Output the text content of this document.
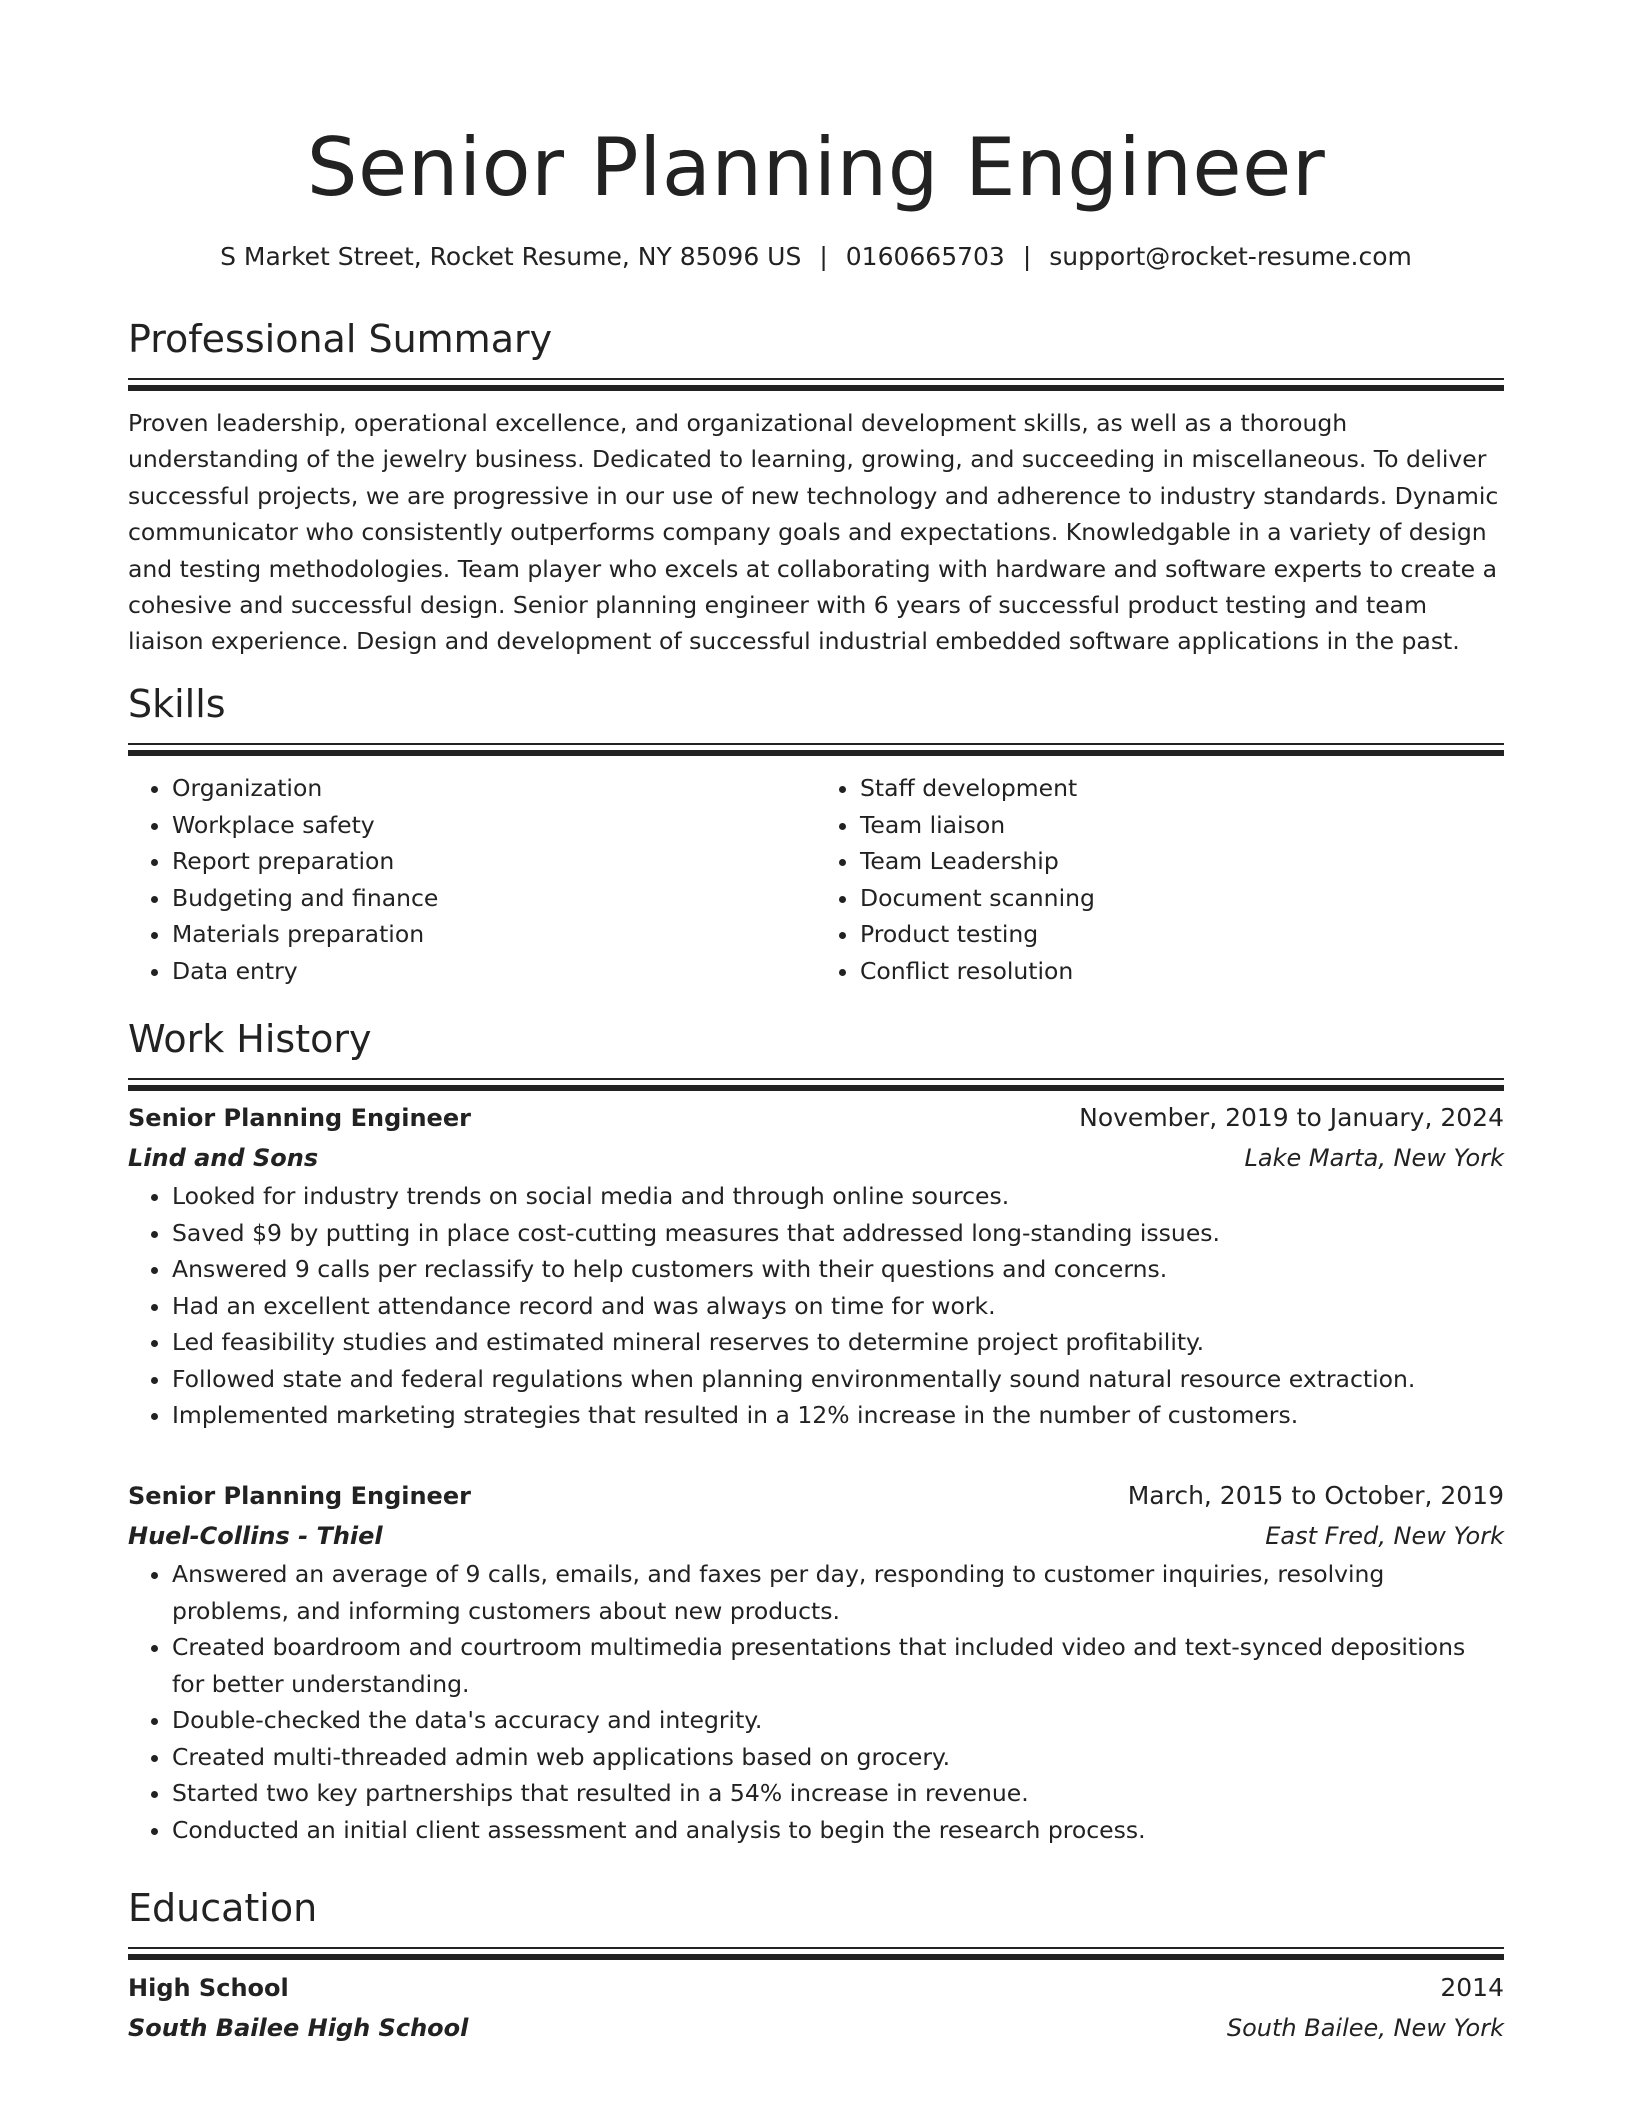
Senior Planning Engineer
S Market Street, Rocket Resume, NY 85096 US | 0160665703 | support@rocket-resume.com
Professional Summary
Proven leadership, operational excellence, and organizational development skills, as well as a thorough understanding of the jewelry business. Dedicated to learning, growing, and succeeding in miscellaneous. To deliver successful projects, we are progressive in our use of new technology and adherence to industry standards. Dynamic communicator who consistently outperforms company goals and expectations. Knowledgable in a variety of design and testing methodologies. Team player who excels at collaborating with hardware and software experts to create a cohesive and successful design. Senior planning engineer with 6 years of successful product testing and team liaison experience. Design and development of successful industrial embedded software applications in the past.
Skills
• Organization
• Workplace safety
• Report preparation
• Budgeting and finance
• Materials preparation
• Data entry
• Staff development
• Team liaison
• Team Leadership
• Document scanning
• Product testing
• Conflict resolution
Work History
Senior Planning Engineer	November, 2019 to January, 2024
Lind and Sons	Lake Marta, New York
• Looked for industry trends on social media and through online sources.
• Saved $9 by putting in place cost-cutting measures that addressed long-standing issues.
• Answered 9 calls per reclassify to help customers with their questions and concerns.
• Had an excellent attendance record and was always on time for work.
• Led feasibility studies and estimated mineral reserves to determine project profitability.
• Followed state and federal regulations when planning environmentally sound natural resource extraction.
• Implemented marketing strategies that resulted in a 12% increase in the number of customers.
Senior Planning Engineer	March, 2015 to October, 2019
Huel-Collins - Thiel	East Fred, New York
• Answered an average of 9 calls, emails, and faxes per day, responding to customer inquiries, resolving problems, and informing customers about new products.
• Created boardroom and courtroom multimedia presentations that included video and text-synced depositions for better understanding.
• Double-checked the data's accuracy and integrity.
• Created multi-threaded admin web applications based on grocery.
• Started two key partnerships that resulted in a 54% increase in revenue.
• Conducted an initial client assessment and analysis to begin the research process.
Education
High School	2014
South Bailee High School	South Bailee, New York
